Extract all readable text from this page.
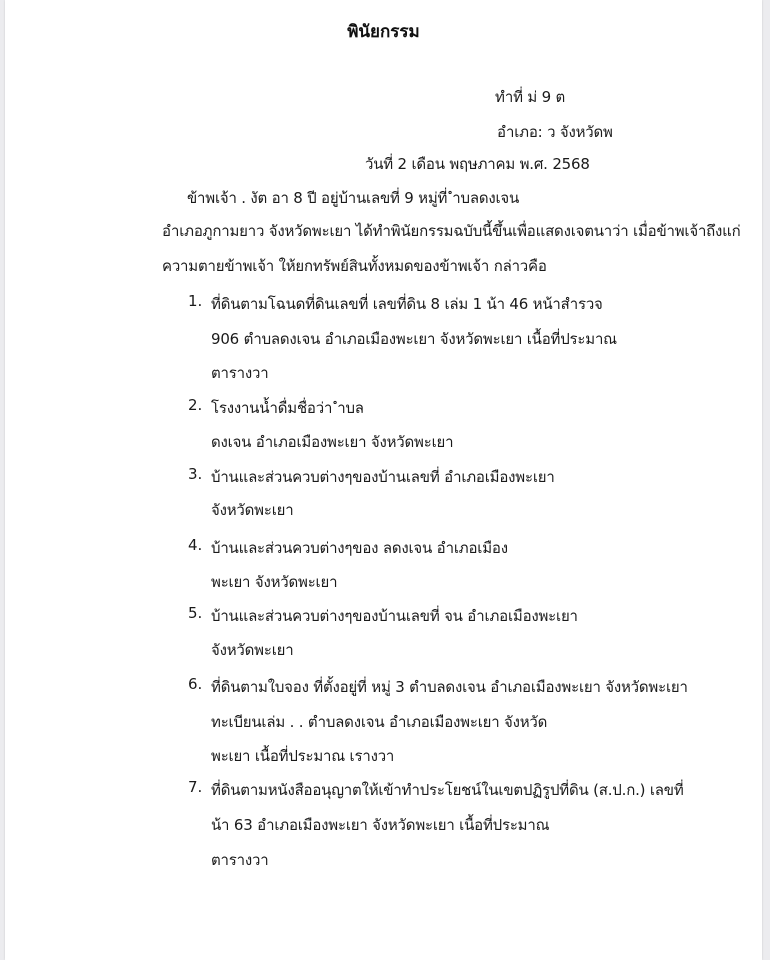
พินัยกรรม
ทำที่ ม่ 9 ต
อำเภอ: ว จังหวัดพ
วันที่ 2 เดือน พฤษภาคม พ.ศ. 2568
ข้าพเจ้า . งัต อา 8 ปี อยู่บ้านเลขที่ 9 หมู่ที่ ำบลดงเจน
อำเภอภูกามยาว จังหวัดพะเยา ได้ทำพินัยกรรมฉบับนี้ขึ้นเพื่อแสดงเจตนาว่า เมื่อข้าพเจ้าถึงแก่
ความตายข้าพเจ้า ให้ยกทรัพย์สินทั้งหมดของข้าพเจ้า กล่าวคือ
1. ที่ดินตามโฉนดที่ดินเลขที่ เลขที่ดิน 8 เล่ม 1 น้า 46 หน้าสำรวจ
906 ตำบลดงเจน อำเภอเมืองพะเยา จังหวัดพะเยา เนื้อที่ประมาณ
ตารางวา
2. โรงงานน้ำดื่มชื่อว่า ำบล
ดงเจน อำเภอเมืองพะเยา จังหวัดพะเยา
3. บ้านและส่วนควบต่างๆของบ้านเลขที่ อำเภอเมืองพะเยา
จังหวัดพะเยา
4. บ้านและส่วนควบต่างๆของ ลดงเจน อำเภอเมือง
พะเยา จังหวัดพะเยา
5. บ้านและส่วนควบต่างๆของบ้านเลขที่ จน อำเภอเมืองพะเยา
จังหวัดพะเยา
6. ที่ดินตามใบจอง ที่ตั้งอยู่ที่ หมู่ 3 ตำบลดงเจน อำเภอเมืองพะเยา จังหวัดพะเยา
ทะเบียนเล่ม . . ตำบลดงเจน อำเภอเมืองพะเยา จังหวัด
พะเยา เนื้อที่ประมาณ เรางวา
7. ที่ดินตามหนังสืออนุญาตให้เข้าทำประโยชน์ในเขตปฏิรูปที่ดิน (ส.ป.ก.) เลขที่
น้า 63 อำเภอเมืองพะเยา จังหวัดพะเยา เนื้อที่ประมาณ
ตารางวา
